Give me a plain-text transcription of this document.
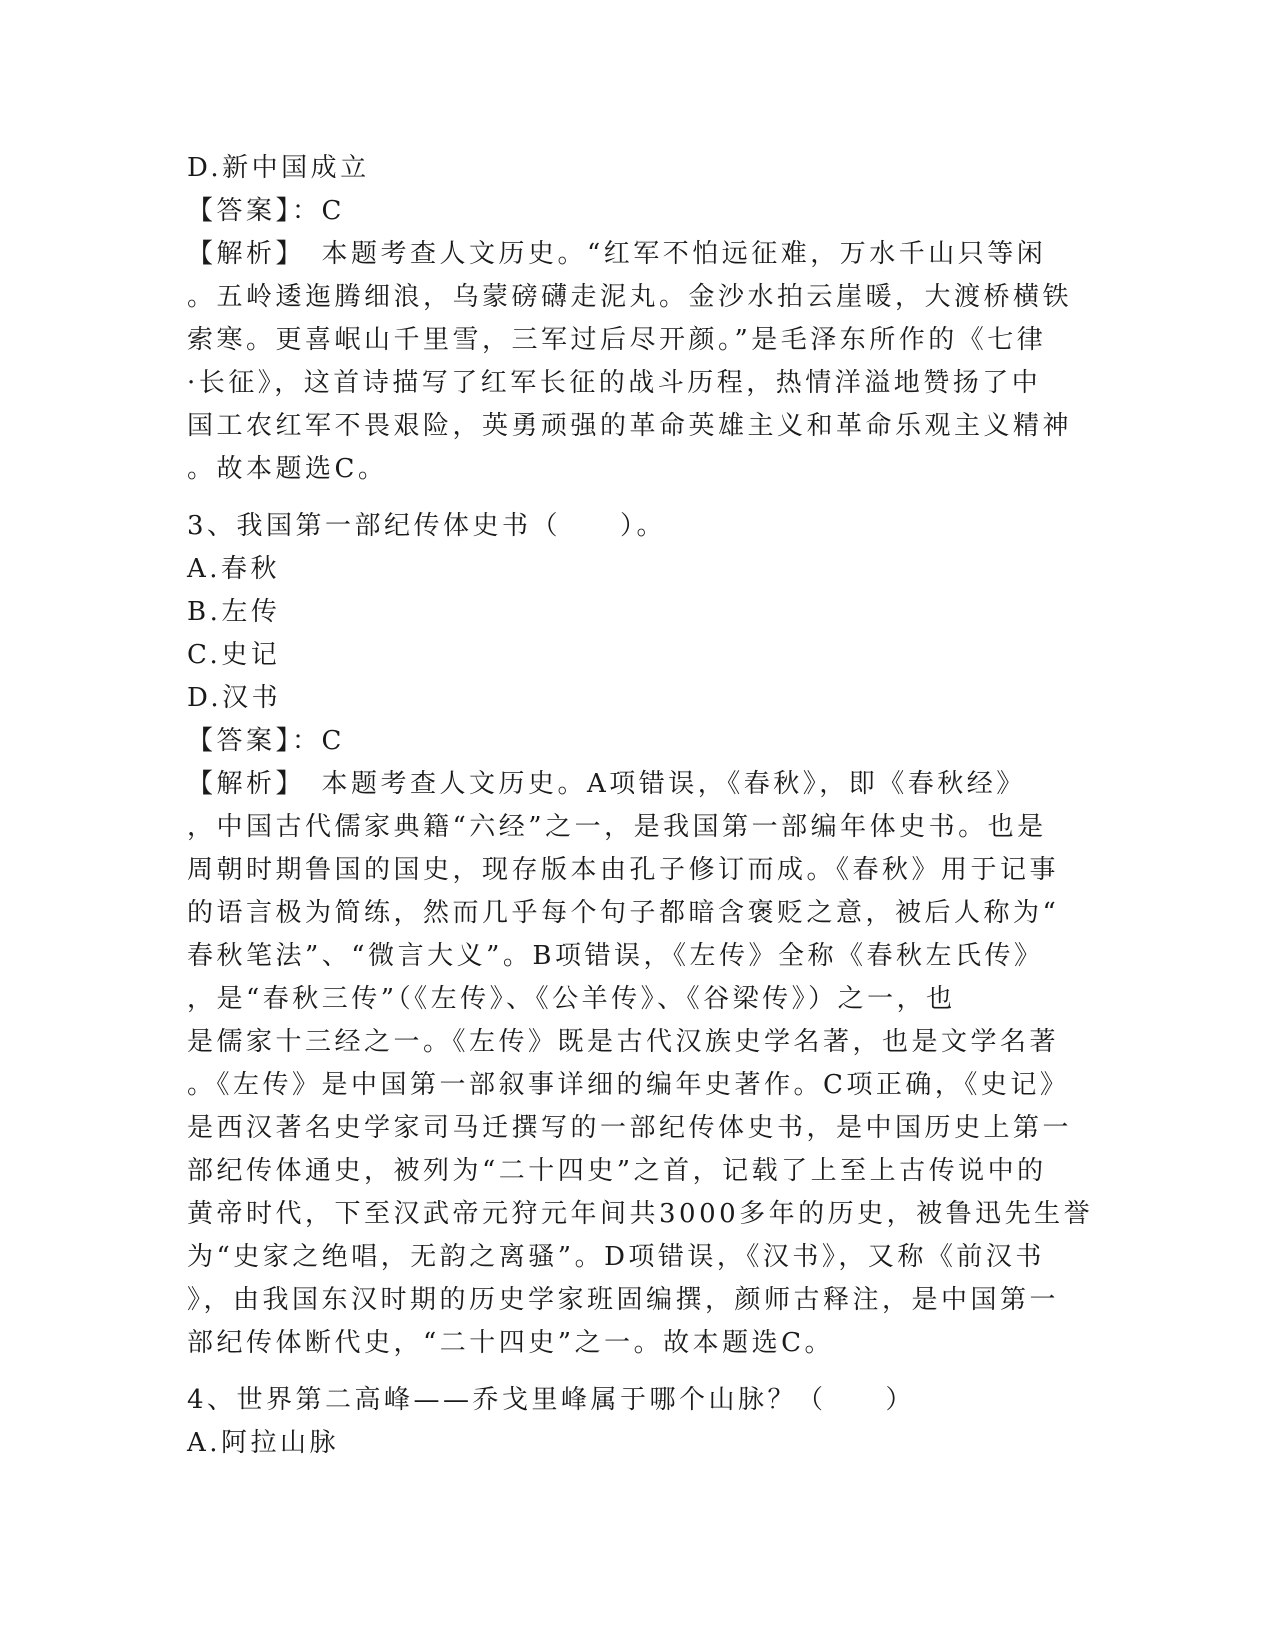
D.新中国成立
【答案】：C
【解析】　本题考查人文历史。“红军不怕远征难，万水千山只等闲
。五岭逶迤腾细浪，乌蒙磅礴走泥丸。金沙水拍云崖暖，大渡桥横铁
索寒。更喜岷山千里雪，三军过后尽开颜。”是毛泽东所作的《七律
·长征》，这首诗描写了红军长征的战斗历程，热情洋溢地赞扬了中
国工农红军不畏艰险，英勇顽强的革命英雄主义和革命乐观主义精神
。故本题选C。
3、我国第一部纪传体史书（　　）。
A.春秋
B.左传
C.史记
D.汉书
【答案】：C
【解析】　本题考查人文历史。A项错误，《春秋》，即《春秋经》
，中国古代儒家典籍“六经”之一，是我国第一部编年体史书。也是
周朝时期鲁国的国史，现存版本由孔子修订而成。《春秋》用于记事
的语言极为简练，然而几乎每个句子都暗含褒贬之意，被后人称为“
春秋笔法”、“微言大义”。B项错误，《左传》全称《春秋左氏传》
，是“春秋三传”（《左传》、《公羊传》、《谷梁传》）之一，也
是儒家十三经之一。《左传》既是古代汉族史学名著，也是文学名著
。《左传》是中国第一部叙事详细的编年史著作。C项正确，《史记》
是西汉著名史学家司马迁撰写的一部纪传体史书，是中国历史上第一
部纪传体通史，被列为“二十四史”之首，记载了上至上古传说中的
黄帝时代，下至汉武帝元狩元年间共3000多年的历史，被鲁迅先生誉
为“史家之绝唱，无韵之离骚”。D项错误，《汉书》，又称《前汉书
》，由我国东汉时期的历史学家班固编撰，颜师古释注，是中国第一
部纪传体断代史，“二十四史”之一。故本题选C。
4、世界第二高峰——乔戈里峰属于哪个山脉？（　　）
A.阿拉山脉
